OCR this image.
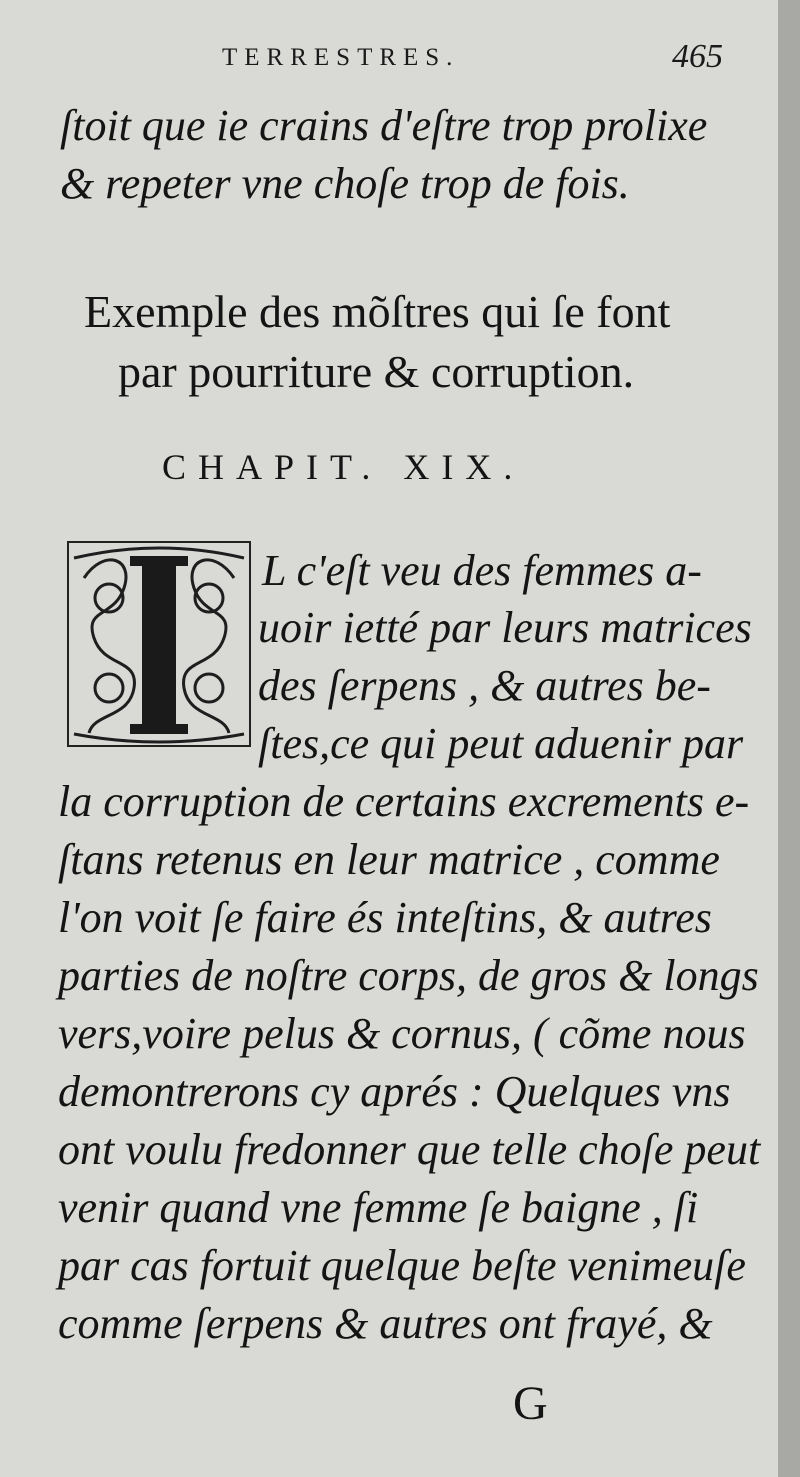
TERRESTRES.	465
ſtoit que ie crains d'eſtre trop prolixe
& repeter vne choſe trop de fois.
Exemple des mõſtres qui ſe font
par pourriture & corruption.
CHAPIT. XIX.
L c'eſt veu des femmes a-
uoir ietté par leurs matrices
des ſerpens , & autres be-
ſtes,ce qui peut aduenir par
la corruption de certains excrements e-
ſtans retenus en leur matrice , comme
l'on voit ſe faire és inteſtins, & autres
parties de noſtre corps, de gros & longs
vers,voire pelus & cornus, ( cõme nous
demontrerons cy aprés : Quelques vns
ont voulu fredonner que telle choſe peut
venir quand vne femme ſe baigne , ſi
par cas fortuit quelque beſte venimeuſe
comme ſerpens & autres ont frayé, &
G
